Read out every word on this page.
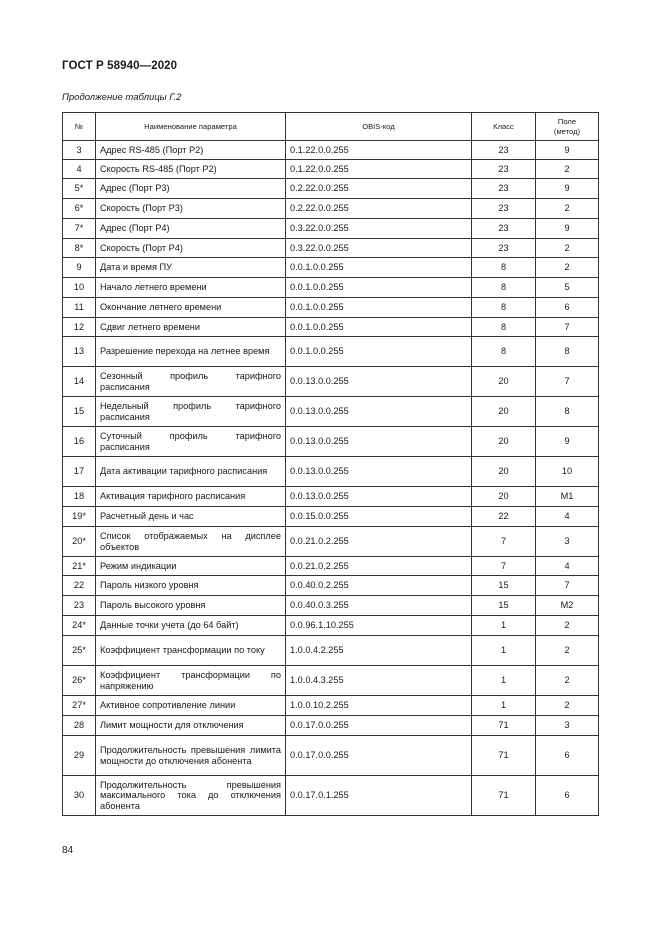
ГОСТ Р 58940—2020
Продолжение таблицы Г.2
№	Наименование параметра	OBIS-код	Класс	Поле (метод)
3	Адрес RS-485 (Порт Р2)	0.1.22.0.0.255	23	9
4	Скорость RS-485 (Порт Р2)	0.1.22.0.0.255	23	2
5*	Адрес (Порт Р3)	0.2.22.0.0.255	23	9
6*	Скорость (Порт Р3)	0.2.22.0.0.255	23	2
7*	Адрес (Порт Р4)	0.3.22.0.0.255	23	9
8*	Скорость (Порт Р4)	0.3.22.0.0.255	23	2
9	Дата и время ПУ	0.0.1.0.0.255	8	2
10	Начало летнего времени	0.0.1.0.0.255	8	5
11	Окончание летнего времени	0.0.1.0.0.255	8	6
12	Сдвиг летнего времени	0.0.1.0.0.255	8	7
13	Разрешение перехода на летнее время	0.0.1.0.0.255	8	8
14	Сезонный профиль тарифного расписания	0.0.13.0.0.255	20	7
15	Недельный профиль тарифного расписания	0.0.13.0.0.255	20	8
16	Суточный профиль тарифного расписания	0.0.13.0.0.255	20	9
17	Дата активации тарифного расписания	0.0.13.0.0.255	20	10
18	Активация тарифного расписания	0.0.13.0.0.255	20	М1
19*	Расчетный день и час	0.0.15.0.0.255	22	4
20*	Список отображаемых на дисплее объектов	0.0.21.0.2.255	7	3
21*	Режим индикации	0.0.21.0.2.255	7	4
22	Пароль низкого уровня	0.0.40.0.2.255	15	7
23	Пароль высокого уровня	0.0.40.0.3.255	15	М2
24*	Данные точки учета (до 64 байт)	0.0.96.1.10.255	1	2
25*	Коэффициент трансформации по току	1.0.0.4.2.255	1	2
26*	Коэффициент трансформации по напряжению	1.0.0.4.3.255	1	2
27*	Активное сопротивление линии	1.0.0.10.2.255	1	2
28	Лимит мощности для отключения	0.0.17.0.0.255	71	3
29	Продолжительность превышения лимита мощности до отключения абонента	0.0.17.0.0.255	71	6
30	Продолжительность превышения максимального тока до отключения абонента	0.0.17.0.1.255	71	6
84
